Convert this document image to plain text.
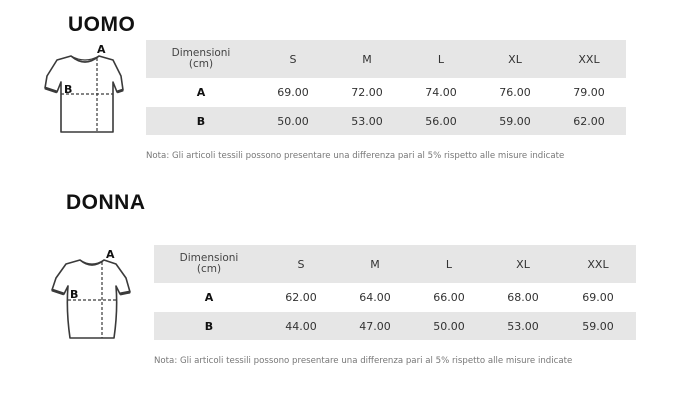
UOMO
A
B
Dimensioni
(cm)	S	M	L	XL	XXL
A	69.00	72.00	74.00	76.00	79.00
B	50.00	53.00	56.00	59.00	62.00

Nota: Gli articoli tessili possono presentare una differenza pari al 5% rispetto alle misure indicate

DONNA
A
B
Dimensioni
(cm)	S	M	L	XL	XXL
A	62.00	64.00	66.00	68.00	69.00
B	44.00	47.00	50.00	53.00	59.00

Nota: Gli articoli tessili possono presentare una differenza pari al 5% rispetto alle misure indicate
